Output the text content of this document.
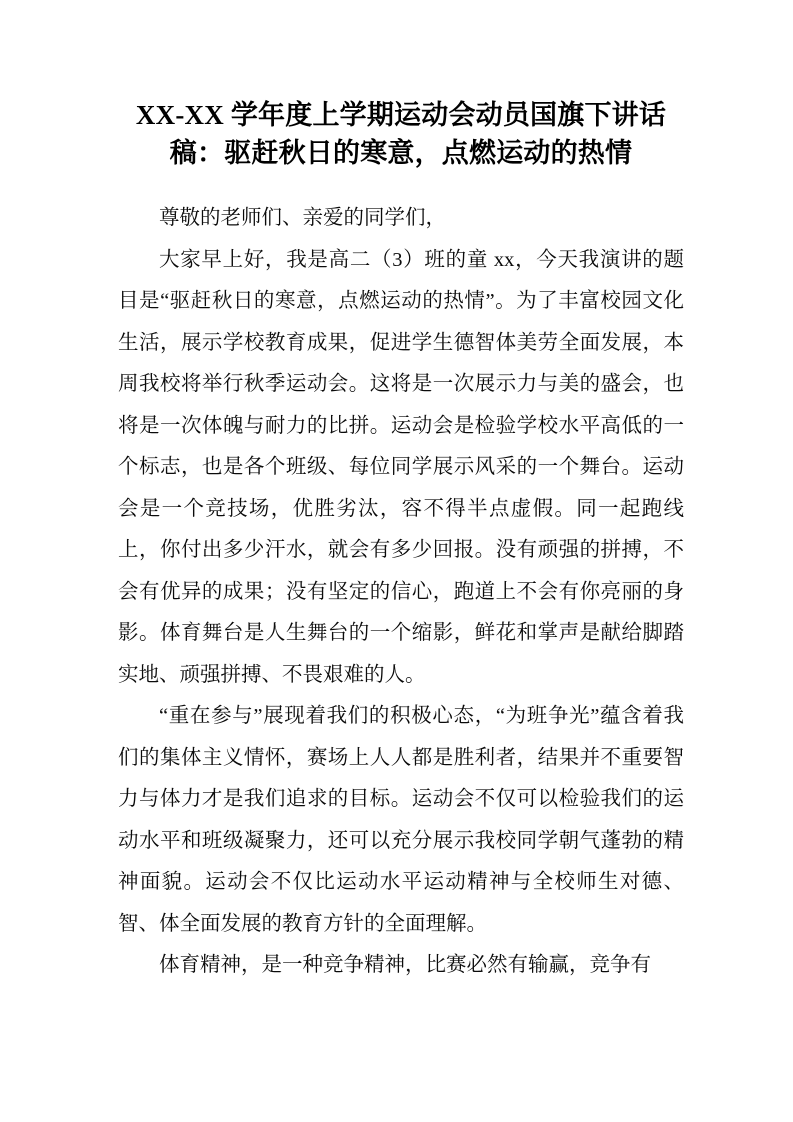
XX-XX 学年度上学期运动会动员国旗下讲话稿：驱赶秋日的寒意，点燃运动的热情

尊敬的老师们、亲爱的同学们，

大家早上好，我是高二（3）班的童 xx，今天我演讲的题目是“驱赶秋日的寒意，点燃运动的热情”。为了丰富校园文化生活，展示学校教育成果，促进学生德智体美劳全面发展，本周我校将举行秋季运动会。这将是一次展示力与美的盛会，也将是一次体魄与耐力的比拼。运动会是检验学校水平高低的一个标志，也是各个班级、每位同学展示风采的一个舞台。运动会是一个竞技场，优胜劣汰，容不得半点虚假。同一起跑线上，你付出多少汗水，就会有多少回报。没有顽强的拼搏，不会有优异的成果；没有坚定的信心，跑道上不会有你亮丽的身影。体育舞台是人生舞台的一个缩影，鲜花和掌声是献给脚踏实地、顽强拼搏、不畏艰难的人。

“重在参与”展现着我们的积极心态，“为班争光”蕴含着我们的集体主义情怀，赛场上人人都是胜利者，结果并不重要智力与体力才是我们追求的目标。运动会不仅可以检验我们的运动水平和班级凝聚力，还可以充分展示我校同学朝气蓬勃的精神面貌。运动会不仅比运动水平运动精神与全校师生对德、智、体全面发展的教育方针的全面理解。

体育精神，是一种竞争精神，比赛必然有输赢，竞争有
